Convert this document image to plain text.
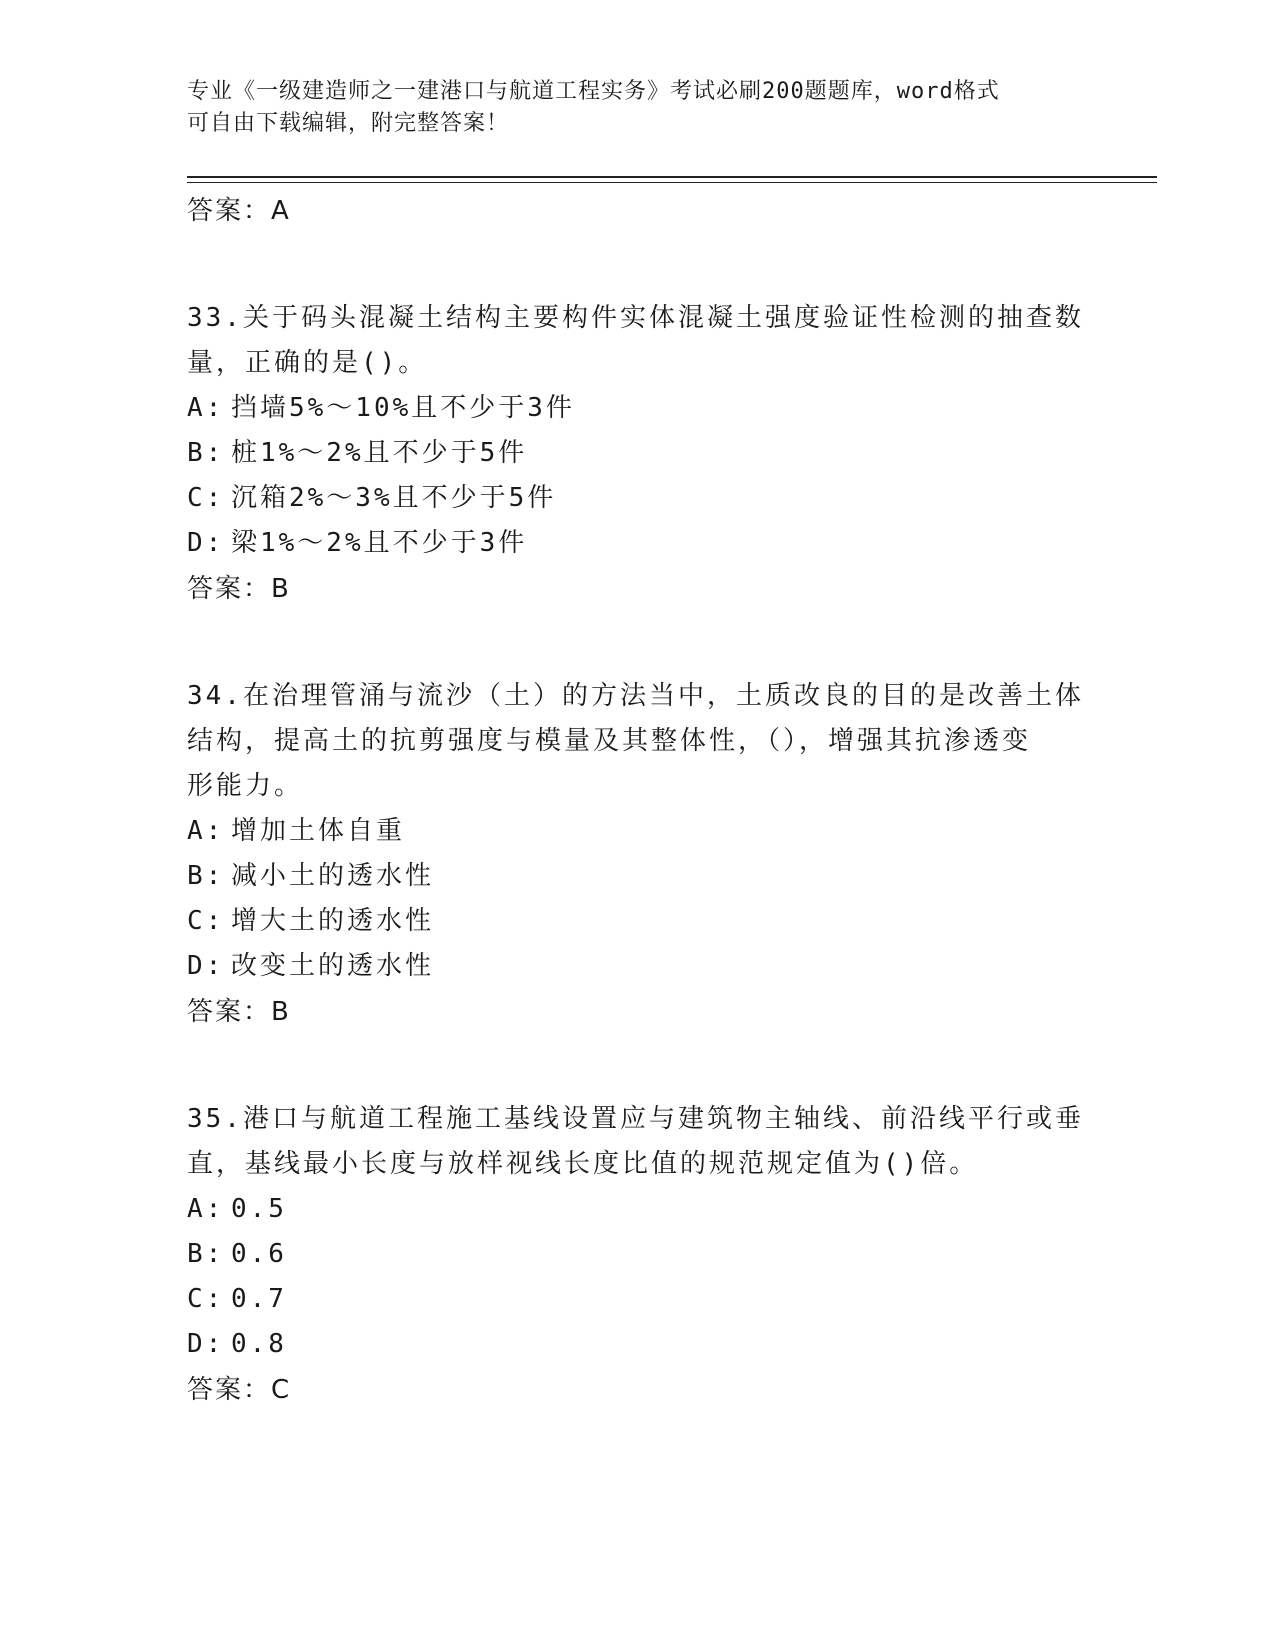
专业《一级建造师之一建港口与航道工程实务》考试必刷200题题库，word格式
可自由下载编辑，附完整答案！
答案：A
33.关于码头混凝土结构主要构件实体混凝土强度验证性检测的抽查数
量，正确的是()。
A: 挡墙5%～10%且不少于3件
B: 桩1%～2%且不少于5件
C: 沉箱2%～3%且不少于5件
D: 梁1%～2%且不少于3件
答案：B
34.在治理管涌与流沙（土）的方法当中，土质改良的目的是改善土体
结构，提高土的抗剪强度与模量及其整体性，（），增强其抗渗透变
形能力。
A: 增加土体自重
B: 减小土的透水性
C: 增大土的透水性
D: 改变土的透水性
答案：B
35.港口与航道工程施工基线设置应与建筑物主轴线、前沿线平行或垂
直，基线最小长度与放样视线长度比值的规范规定值为()倍。
A: 0.5
B: 0.6
C: 0.7
D: 0.8
答案：C
